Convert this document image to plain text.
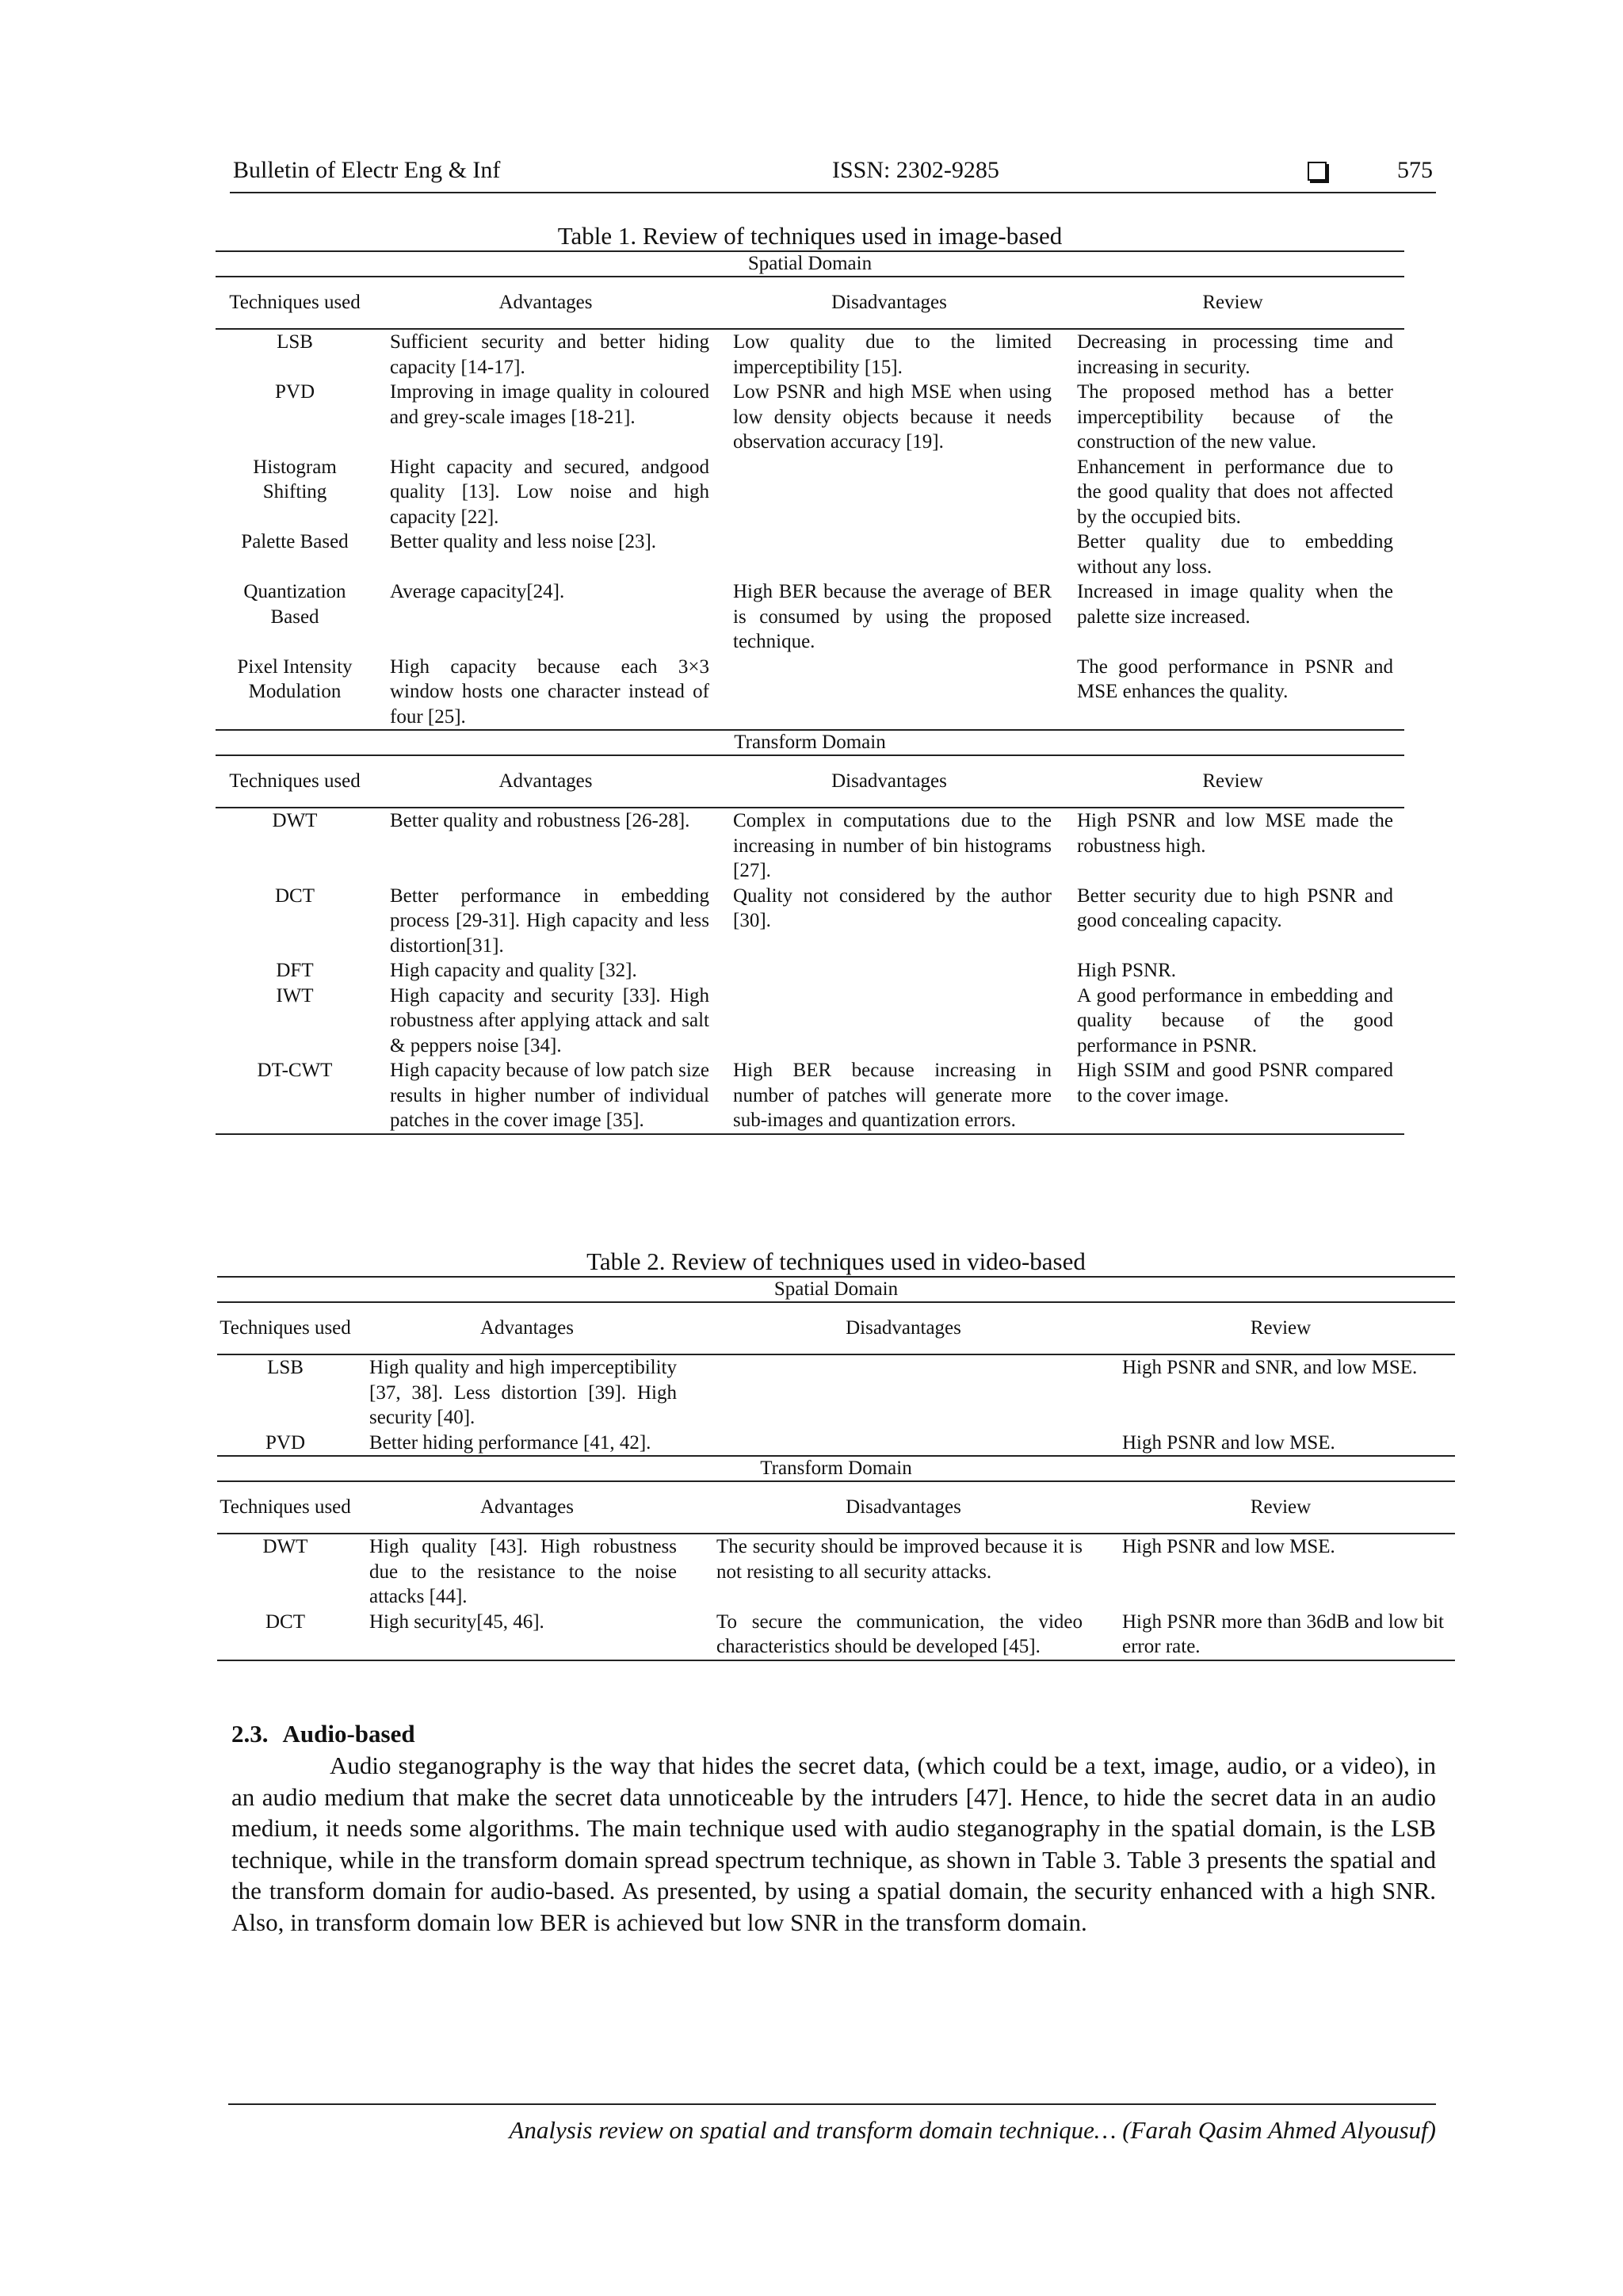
Bulletin of Electr Eng & Inf	ISSN: 2302-9285	575
Table 1. Review of techniques used in image-based
Spatial Domain			
Techniques used	Advantages	Disadvantages	Review
LSB	Sufficient security and better hiding capacity [14-17].	Low quality due to the limited imperceptibility [15].	Decreasing in processing time and increasing in security.
PVD	Improving in image quality in coloured and grey-scale images [18-21].	Low PSNR and high MSE when using low density objects because it needs observation accuracy [19].	The proposed method has a better imperceptibility because of the construction of the new value.
Histogram Shifting	Hight capacity and secured, andgood quality [13]. Low noise and high capacity [22].		Enhancement in performance due to the good quality that does not affected by the occupied bits.
Palette Based	Better quality and less noise [23].		Better quality due to embedding without any loss.
Quantization Based	Average capacity[24].	High BER because the average of BER is consumed by using the proposed technique.	Increased in image quality when the palette size increased.
Pixel Intensity Modulation	High capacity because each 3×3 window hosts one character instead of four [25].		The good performance in PSNR and MSE enhances the quality.
Transform Domain			
Techniques used	Advantages	Disadvantages	Review
DWT	Better quality and robustness [26-28].	Complex in computations due to the increasing in number of bin histograms [27].	High PSNR and low MSE made the robustness high.
DCT	Better performance in embedding process [29-31]. High capacity and less distortion[31].	Quality not considered by the author [30].	Better security due to high PSNR and good concealing capacity.
DFT	High capacity and quality [32].		High PSNR.
IWT	High capacity and security [33]. High robustness after applying attack and salt & peppers noise [34].		A good performance in embedding and quality because of the good performance in PSNR.
DT-CWT	High capacity because of low patch size results in higher number of individual patches in the cover image [35].	High BER because increasing in number of patches will generate more sub-images and quantization errors.	High SSIM and good PSNR compared to the cover image.
Table 2. Review of techniques used in video-based
Spatial Domain			
Techniques used	Advantages	Disadvantages	Review
LSB	High quality and high imperceptibility [37, 38]. Less distortion [39]. High security [40].		High PSNR and SNR, and low MSE.
PVD	Better hiding performance [41, 42].		High PSNR and low MSE.
Transform Domain			
Techniques used	Advantages	Disadvantages	Review
DWT	High quality [43]. High robustness due to the resistance to the noise attacks [44].	The security should be improved because it is not resisting to all security attacks.	High PSNR and low MSE.
DCT	High security[45, 46].	To secure the communication, the video characteristics should be developed [45].	High PSNR more than 36dB and low bit error rate.
2.3. Audio-based

Audio steganography is the way that hides the secret data, (which could be a text, image, audio, or a video), in an audio medium that make the secret data unnoticeable by the intruders [47]. Hence, to hide the secret data in an audio medium, it needs some algorithms. The main technique used with audio steganography in the spatial domain, is the LSB technique, while in the transform domain spread spectrum technique, as shown in Table 3. Table 3 presents the spatial and the transform domain for audio-based. As presented, by using a spatial domain, the security enhanced with a high SNR. Also, in transform domain low BER is achieved but low SNR in the transform domain.

Analysis review on spatial and transform domain technique… (Farah Qasim Ahmed Alyousuf)
